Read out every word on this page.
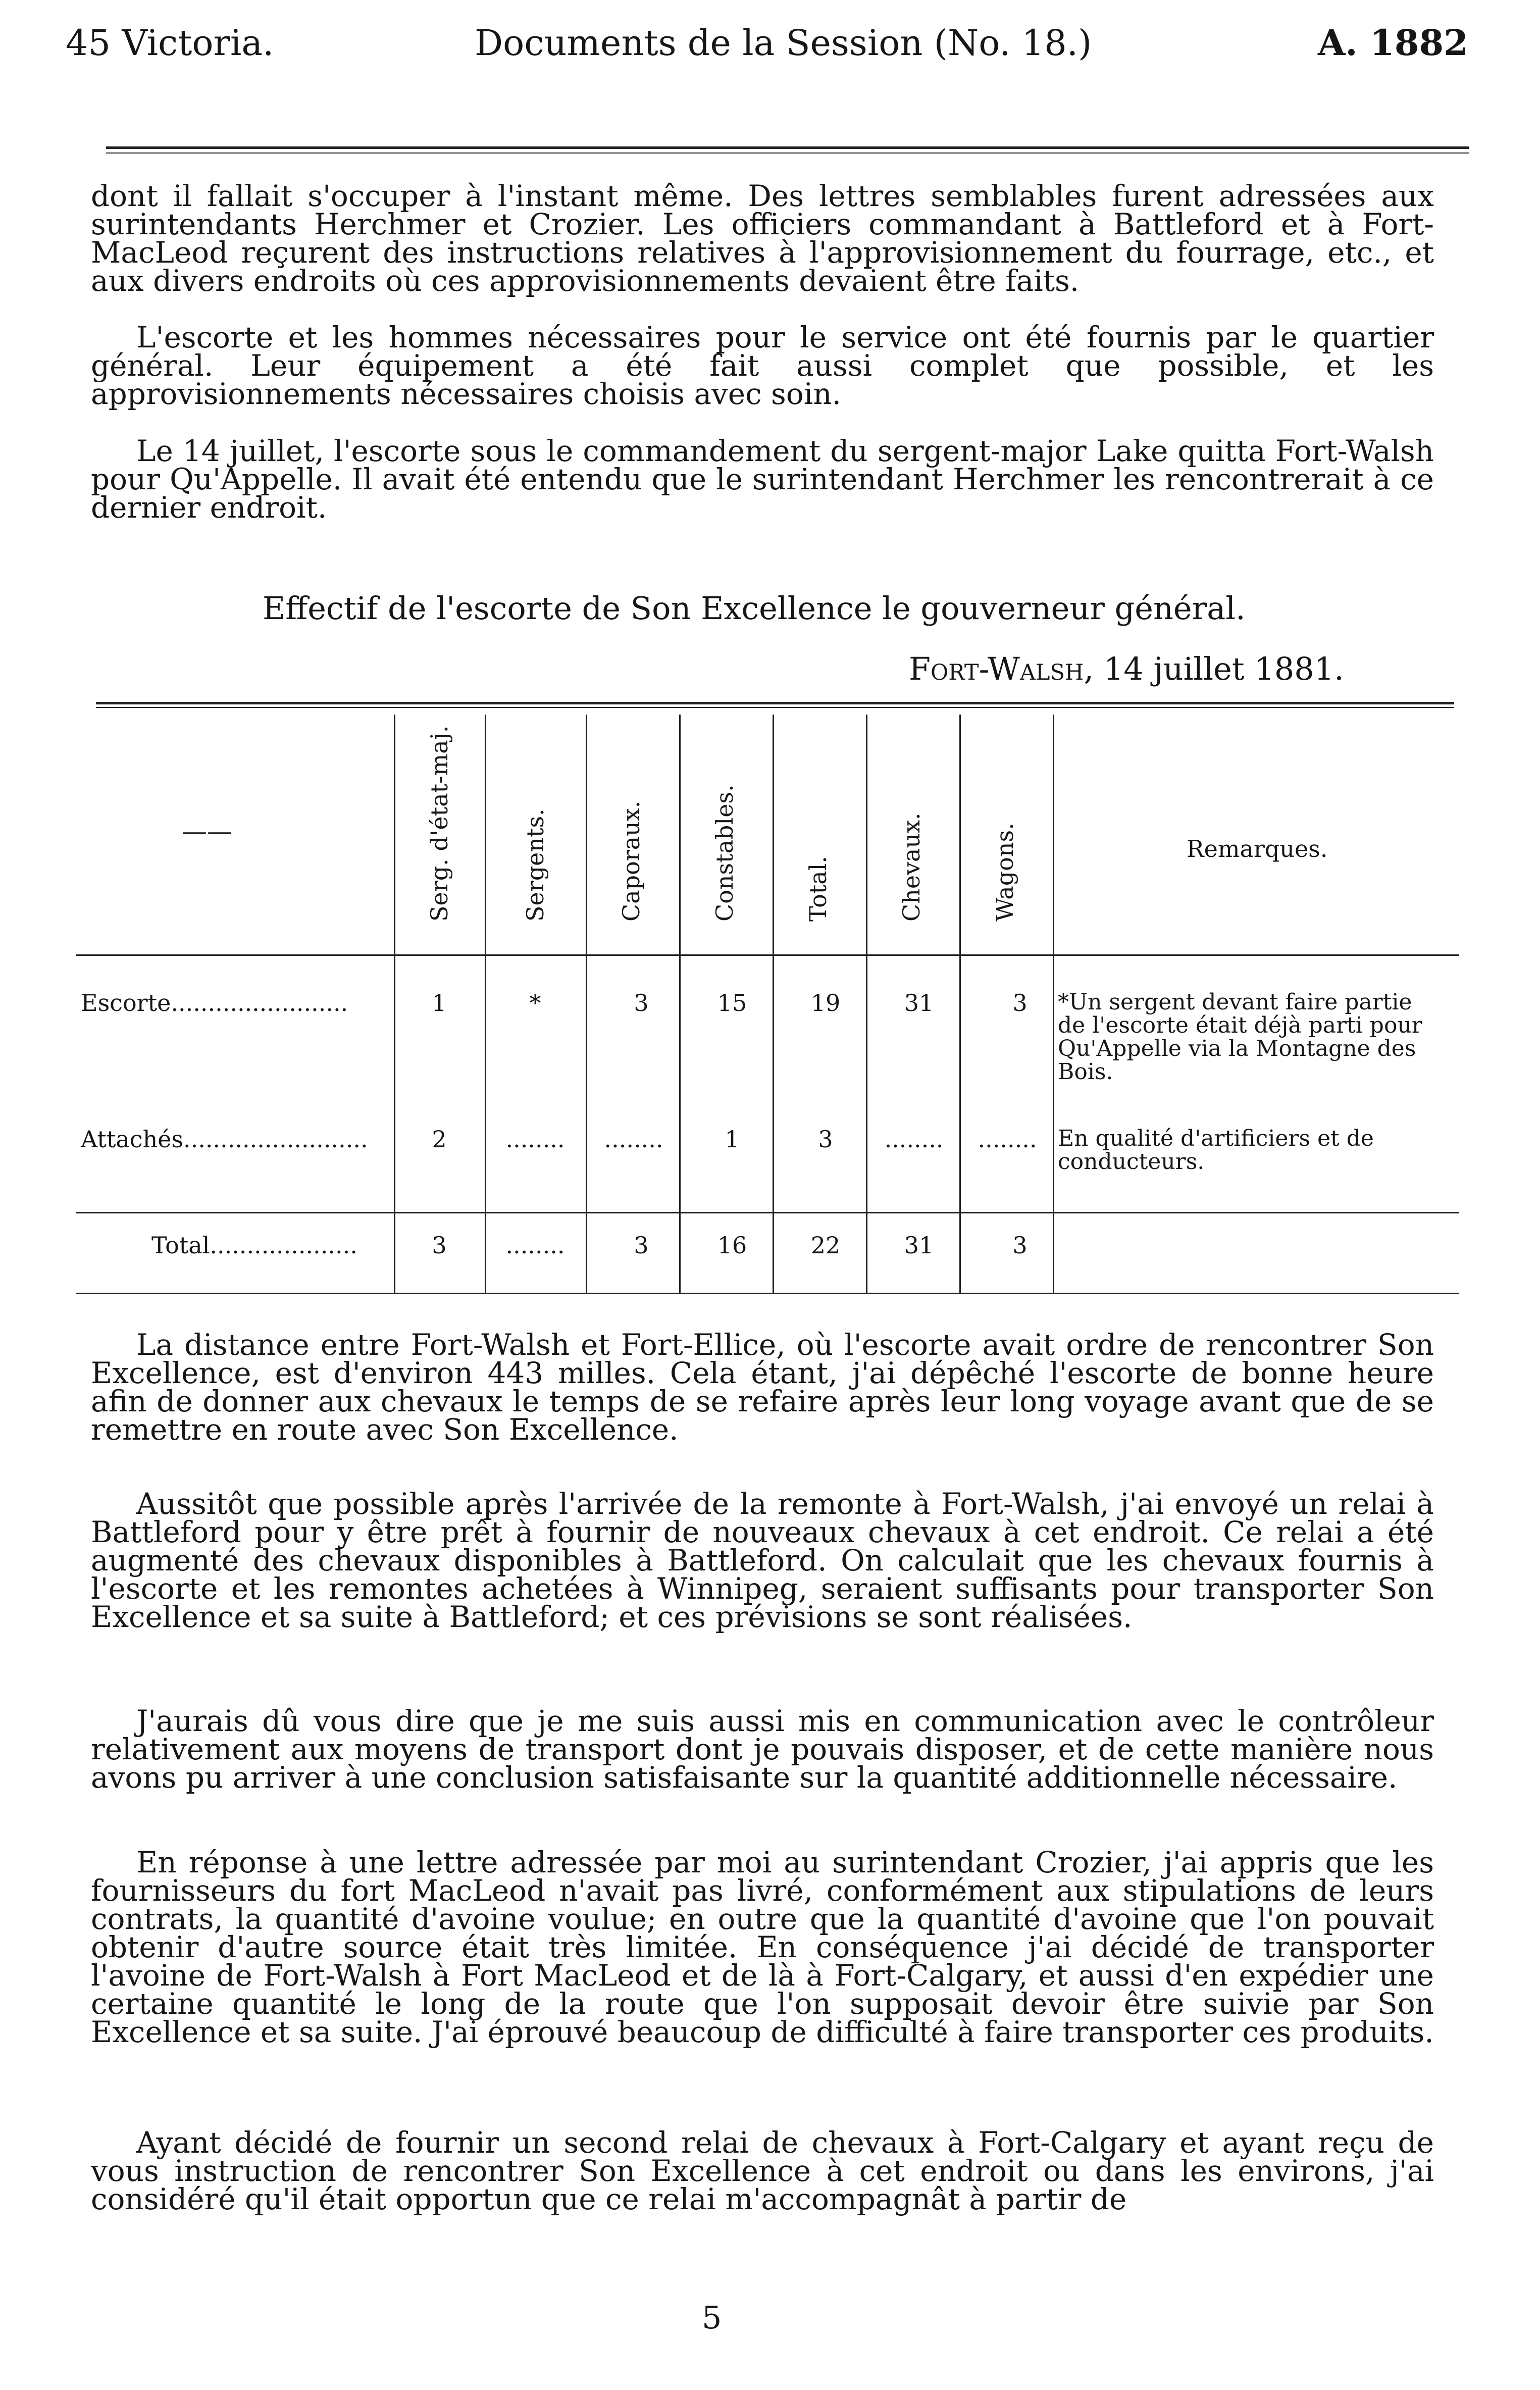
45 Victoria.	Documents de la Session (No. 18.)	A. 1882
dont il fallait s'occuper à l'instant même. Des lettres semblables furent adressées aux surintendants Herchmer et Crozier. Les officiers commandant à Battleford et à Fort-MacLeod reçurent des instructions relatives à l'approvisionnement du fourrage, etc., et aux divers endroits où ces approvisionnements devaient être faits.
L'escorte et les hommes nécessaires pour le service ont été fournis par le quartier général. Leur équipement a été fait aussi complet que possible, et les approvisionnements nécessaires choisis avec soin.
Le 14 juillet, l'escorte sous le commandement du sergent-major Lake quitta Fort-Walsh pour Qu'Appelle. Il avait été entendu que le surintendant Herchmer les rencontrerait à ce dernier endroit.
Effectif de l'escorte de Son Excellence le gouverneur général.
Fort-Walsh, 14 juillet 1881.
——	Serg. d'état-maj.	Sergents.	Caporaux.	Constables.	Total.	Chevaux.	Wagons.	Remarques.
Escorte........................	1	*	3	15	19	31	3	*Un sergent devant faire partie de l'escorte était déjà parti pour Qu'Appelle via la Montagne des Bois.
Attachés.........................	2	........	........	1	3	........	........ En qualité d'artificiers et de conducteurs.
Total....................	3	........	3	16	22	31	3
La distance entre Fort-Walsh et Fort-Ellice, où l'escorte avait ordre de rencontrer Son Excellence, est d'environ 443 milles. Cela étant, j'ai dépêché l'escorte de bonne heure afin de donner aux chevaux le temps de se refaire après leur long voyage avant que de se remettre en route avec Son Excellence.
Aussitôt que possible après l'arrivée de la remonte à Fort-Walsh, j'ai envoyé un relai à Battleford pour y être prêt à fournir de nouveaux chevaux à cet endroit. Ce relai a été augmenté des chevaux disponibles à Battleford. On calculait que les chevaux fournis à l'escorte et les remontes achetées à Winnipeg, seraient suffisants pour transporter Son Excellence et sa suite à Battleford; et ces prévisions se sont réalisées.
J'aurais dû vous dire que je me suis aussi mis en communication avec le contrôleur relativement aux moyens de transport dont je pouvais disposer, et de cette manière nous avons pu arriver à une conclusion satisfaisante sur la quantité additionnelle nécessaire.
En réponse à une lettre adressée par moi au surintendant Crozier, j'ai appris que les fournisseurs du fort MacLeod n'avait pas livré, conformément aux stipulations de leurs contrats, la quantité d'avoine voulue; en outre que la quantité d'avoine que l'on pouvait obtenir d'autre source était très limitée. En conséquence j'ai décidé de transporter l'avoine de Fort-Walsh à Fort MacLeod et de là à Fort-Calgary, et aussi d'en expédier une certaine quantité le long de la route que l'on supposait devoir être suivie par Son Excellence et sa suite. J'ai éprouvé beaucoup de difficulté à faire transporter ces produits.
Ayant décidé de fournir un second relai de chevaux à Fort-Calgary et ayant reçu de vous instruction de rencontrer Son Excellence à cet endroit ou dans les environs, j'ai considéré qu'il était opportun que ce relai m'accompagnât à partir de
5
